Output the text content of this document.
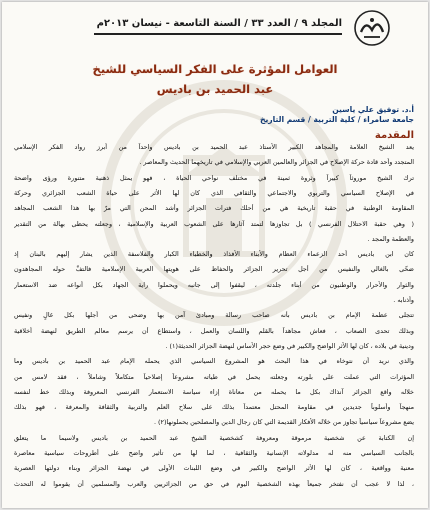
المجلد ٩ / العدد ٣٣ / السنة التاسعة - نيسان ٢٠١٣م
العوامل المؤثرة على الفكر السياسي للشيخ
عبد الحميد بن باديس
أ.د. توفيق علي ياسين
جامعة سامراء / كلية التربية / قسم التاريخ
المقدمة
يعد الشيخ العلامة والمجاهد الكبير الأستاذ عبد الحميد بن باديس واحداً من أبرز رواد الفكر الإسلامي
المتجدد وأحد قادة حركة الإصلاح في الجزائر والعالمين العربي والإسلامي في تاريخهما الحديث والمعاصر .
ترك الشيخ موروثاً كبيراً وثروة ثمينة في مختلف نواحي الحياة ، فهو يمثل ذهنية متنورة ورؤى واضحة
في الإصلاح السياسي والتربوي والاجتماعي والثقافي الذي كان لها الأثر على حياة الشعب الجزائري وحركة
المقاومة الوطنية في حقبة تاريخية هي من أحلك فترات الجزائر وأشد المحن التي مرّ بها هذا الشعب المجاهد
( وهي حقبة الاحتلال الفرنسي ) بل تجاوزها لتمتد آثارها على الشعوب العربية والإسلامية ، وجعلته يحظى بهالة من التقدير
والعظمة والمجد .
كان ابن باديس أحد الزعماء العظام والأبناء الأفذاذ والخطباء الكبار والفلاسفة الذين يشار إليهم بالبنان إذ
ضحّى بالغالي والنفيس من أجل تحرير الجزائر والحفاظ على هويتها العربية الإسلامية فالتفَّ حوله المجاهدون
والثوار والأحرار والوطنيون من أبناء جلدته ، ليقفوا إلى جانبه ويحملوا راية الجهاد بكل أنواعه ضد الاستعمار
وأذنابه .
تتجلى عظمة الإمام بن باديس بأنه صاحب رسالة ومبادئ آمن بها وضحى من أجلها بكل غالٍ ونفيس
وبذلك تحدى الصعاب ، فعاش مجاهداً بالقلم واللسان والعمل ، واستطاع أن يرسم معالم الطريق لنهضة أخلاقية
ودينية في بلاده ، كان لها الأثر الواضح والكبير في وضع حجر الأساس لنهضة الجزائر الحديثة(١) .
والذي نريد أن نتوخاه في هذا البحث هو المشروع السياسي الذي يحمله الإمام عبد الحميد بن باديس وما
المؤثرات التي عملت على بلورته وجعلته يحمل في طياته مشروعاً إصلاحياً متكاملاً وشاملاً ، فقد لامس من
خلاله واقع الجزائر آنذاك بكل ما يحمله من معاناة إزاء سياسة الاستعمار الفرنسي المعروفة وبذلك خط لنفسه
منهجاً وأسلوباً جديدين في مقاومة المحتل معتمداً بذلك على سلاح العلم والتربية والثقافة والمعرفة ، فهو بذلك
يضع مشروعاً سياسياً تجاوز من خلاله الأفكار القديمة التي كان رجال الدين والمصلحين يحملونها(٢) .
إن الكتابة عن شخصية مرموقة ومعروفة كشخصية الشيخ عبد الحميد بن باديس ولاسيما ما يتعلق
بالجانب السياسي منه له مدلولاته الإنسانية والثقافية ، لما لها من تأثير واضح على أطروحات سياسية معاصرة
معنية وواقعية ، كان لها الأثر الواضح والكبير في وضع اللبنات الأولى في نهضة الجزائر وبناء دولتها العصرية
، لذا لا عجب أن نفتخر جميعاً بهذه الشخصية اليوم في حق من الجزائريين والعرب والمسلمين أن يقوموا له التحدث
